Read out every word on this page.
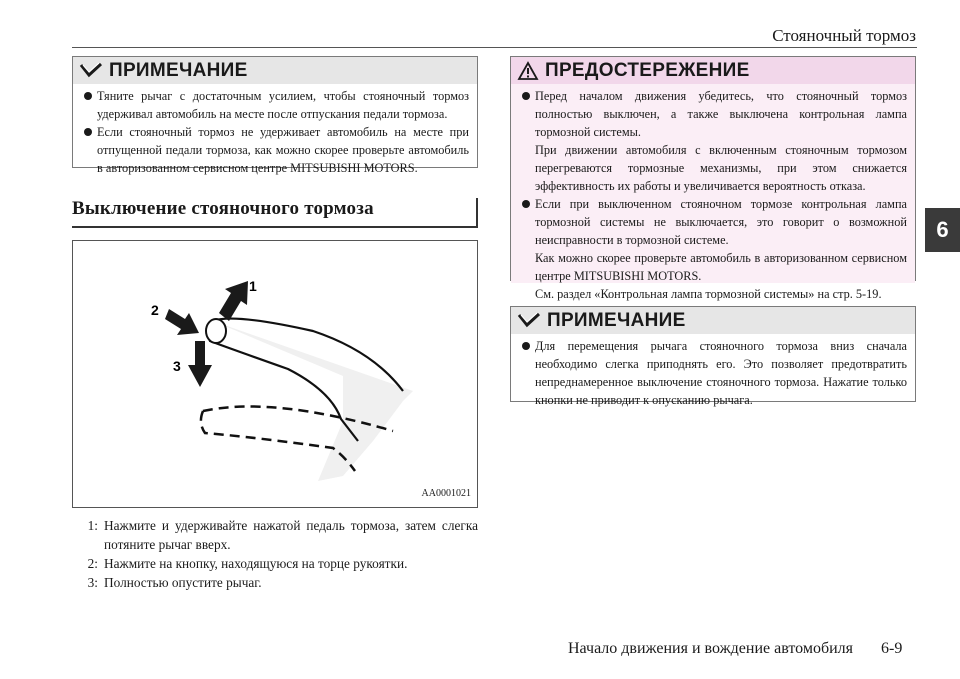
Стояночный тормоз
6
ПРИМЕЧАНИЕ
Тяните рычаг с достаточным усилием, чтобы стояночный тормоз удерживал автомобиль на месте после отпускания педали тормоза.
Если стояночный тормоз не удерживает автомобиль на месте при отпущенной педали тормоза, как можно скорее проверьте автомобиль в авторизованном сервисном центре MITSUBISHI MOTORS.
Выключение стояночного тормоза
1
2
3
AA0001021
1: Нажмите и удерживайте нажатой педаль тормоза, затем слегка потяните рычаг вверх.
2: Нажмите на кнопку, находящуюся на торце рукоятки.
3: Полностью опустите рычаг.
ПРЕДОСТЕРЕЖЕНИЕ
Перед началом движения убедитесь, что стояночный тормоз полностью выключен, а также выключена контрольная лампа тормозной системы.
При движении автомобиля с включенным стояночным тормозом перегреваются тормозные механизмы, при этом снижается эффективность их работы и увеличивается вероятность отказа.
Если при выключенном стояночном тормозе контрольная лампа тормозной системы не выключается, это говорит о возможной неисправности в тормозной системе.
Как можно скорее проверьте автомобиль в авторизованном сервисном центре MITSUBISHI MOTORS.
См. раздел «Контрольная лампа тормозной системы» на стр. 5-19.
ПРИМЕЧАНИЕ
Для перемещения рычага стояночного тормоза вниз сначала необходимо слегка приподнять его. Это позволяет предотвратить непреднамеренное выключение стояночного тормоза. Нажатие только кнопки не приводит к опусканию рычага.
Начало движения и вождение автомобиля 6-9
